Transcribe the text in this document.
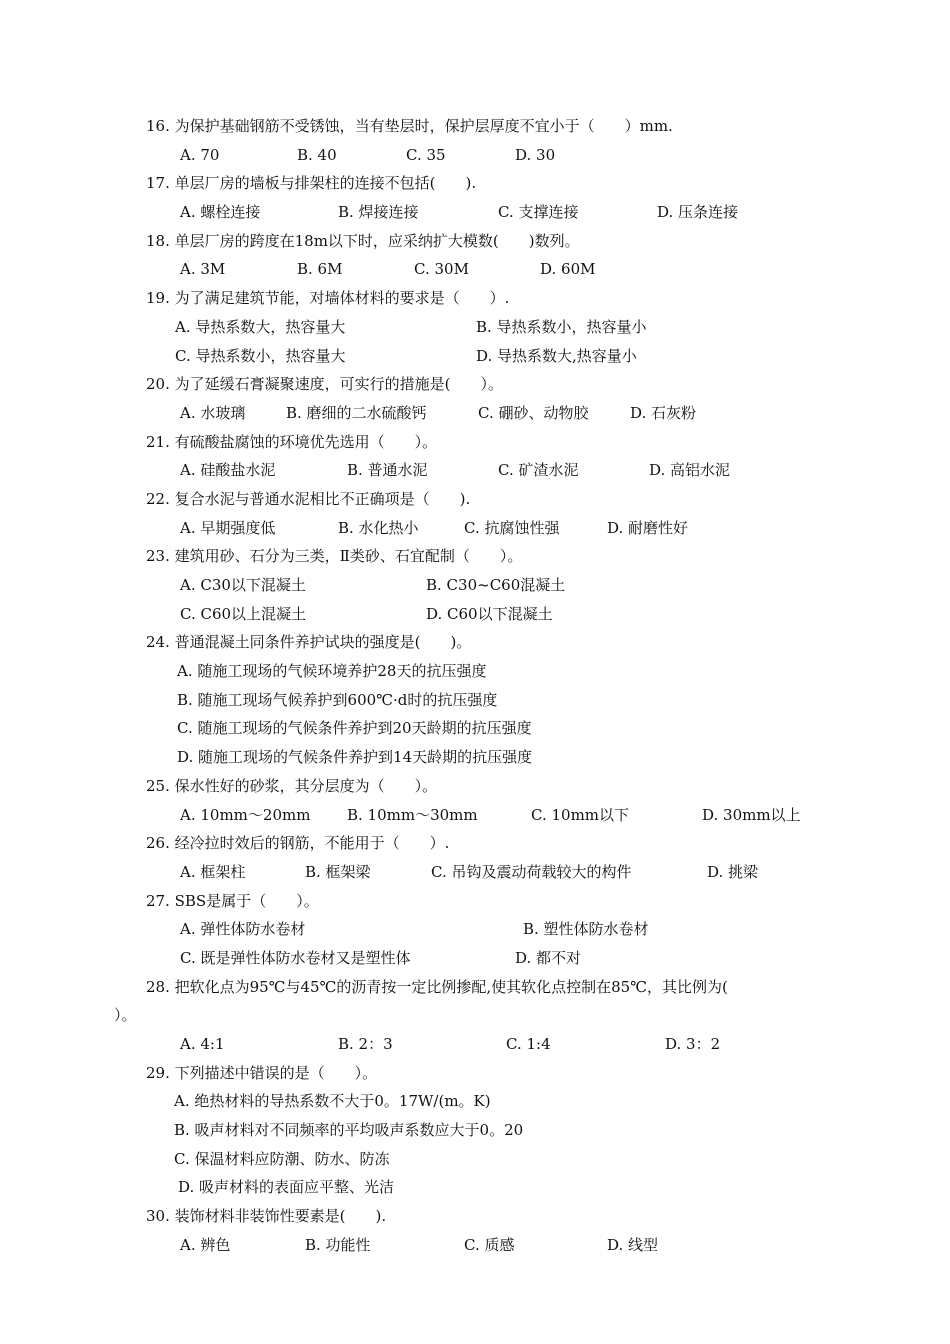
16. 为保护基础钢筋不受锈蚀，当有垫层时，保护层厚度不宜小于（　　）mm.
A. 70	B. 40	C. 35	D. 30
17. 单层厂房的墙板与排架柱的连接不包括(　　).
A. 螺栓连接	B. 焊接连接	C. 支撑连接	D. 压条连接
18. 单层厂房的跨度在18m以下时，应采纳扩大模数(　　)数列。
A. 3M	B. 6M	C. 30M	D. 60M
19. 为了满足建筑节能，对墙体材料的要求是（　　）.
A. 导热系数大，热容量大	B. 导热系数小，热容量小
C. 导热系数小，热容量大	D. 导热系数大,热容量小
20. 为了延缓石膏凝聚速度，可实行的措施是(　　）。
A. 水玻璃	B. 磨细的二水硫酸钙	C. 硼砂、动物胶	D. 石灰粉
21. 有硫酸盐腐蚀的环境优先选用（　　）。
A. 硅酸盐水泥	B. 普通水泥	C. 矿渣水泥	D. 高铝水泥
22. 复合水泥与普通水泥相比不正确项是（　　).
A. 早期强度低	B. 水化热小	C. 抗腐蚀性强	D. 耐磨性好
23. 建筑用砂、石分为三类，Ⅱ类砂、石宜配制（　　）。
A. C30以下混凝土	B. C30~C60混凝土
C. C60以上混凝土	D. C60以下混凝土
24. 普通混凝土同条件养护试块的强度是(　　)。
A. 随施工现场的气候环境养护28天的抗压强度
B. 随施工现场气候养护到600℃·d时的抗压强度
C. 随施工现场的气候条件养护到20天龄期的抗压强度
D. 随施工现场的气候条件养护到14天龄期的抗压强度
25. 保水性好的砂浆，其分层度为（　　）。
A. 10mm～20mm B. 10mm～30mm	C. 10mm以下	D. 30mm以上
26. 经冷拉时效后的钢筋，不能用于（　　）.
A. 框架柱	B. 框架梁	C. 吊钩及震动荷载较大的构件	D. 挑梁
27. SBS是属于（　　）。
A. 弹性体防水卷材	B. 塑性体防水卷材
C. 既是弹性体防水卷材又是塑性体	D. 都不对
28. 把软化点为95℃与45℃的沥青按一定比例掺配,使其软化点控制在85℃，其比例为(
）。
A. 4:1	B. 2：3	C. 1:4	D. 3：2
29. 下列描述中错误的是（　　）。
A. 绝热材料的导热系数不大于0。17W/(m。K)
B. 吸声材料对不同频率的平均吸声系数应大于0。20
C. 保温材料应防潮、防水、防冻
D. 吸声材料的表面应平整、光洁
30. 装饰材料非装饰性要素是(　　).
A. 辨色	B. 功能性	C. 质感	D. 线型
